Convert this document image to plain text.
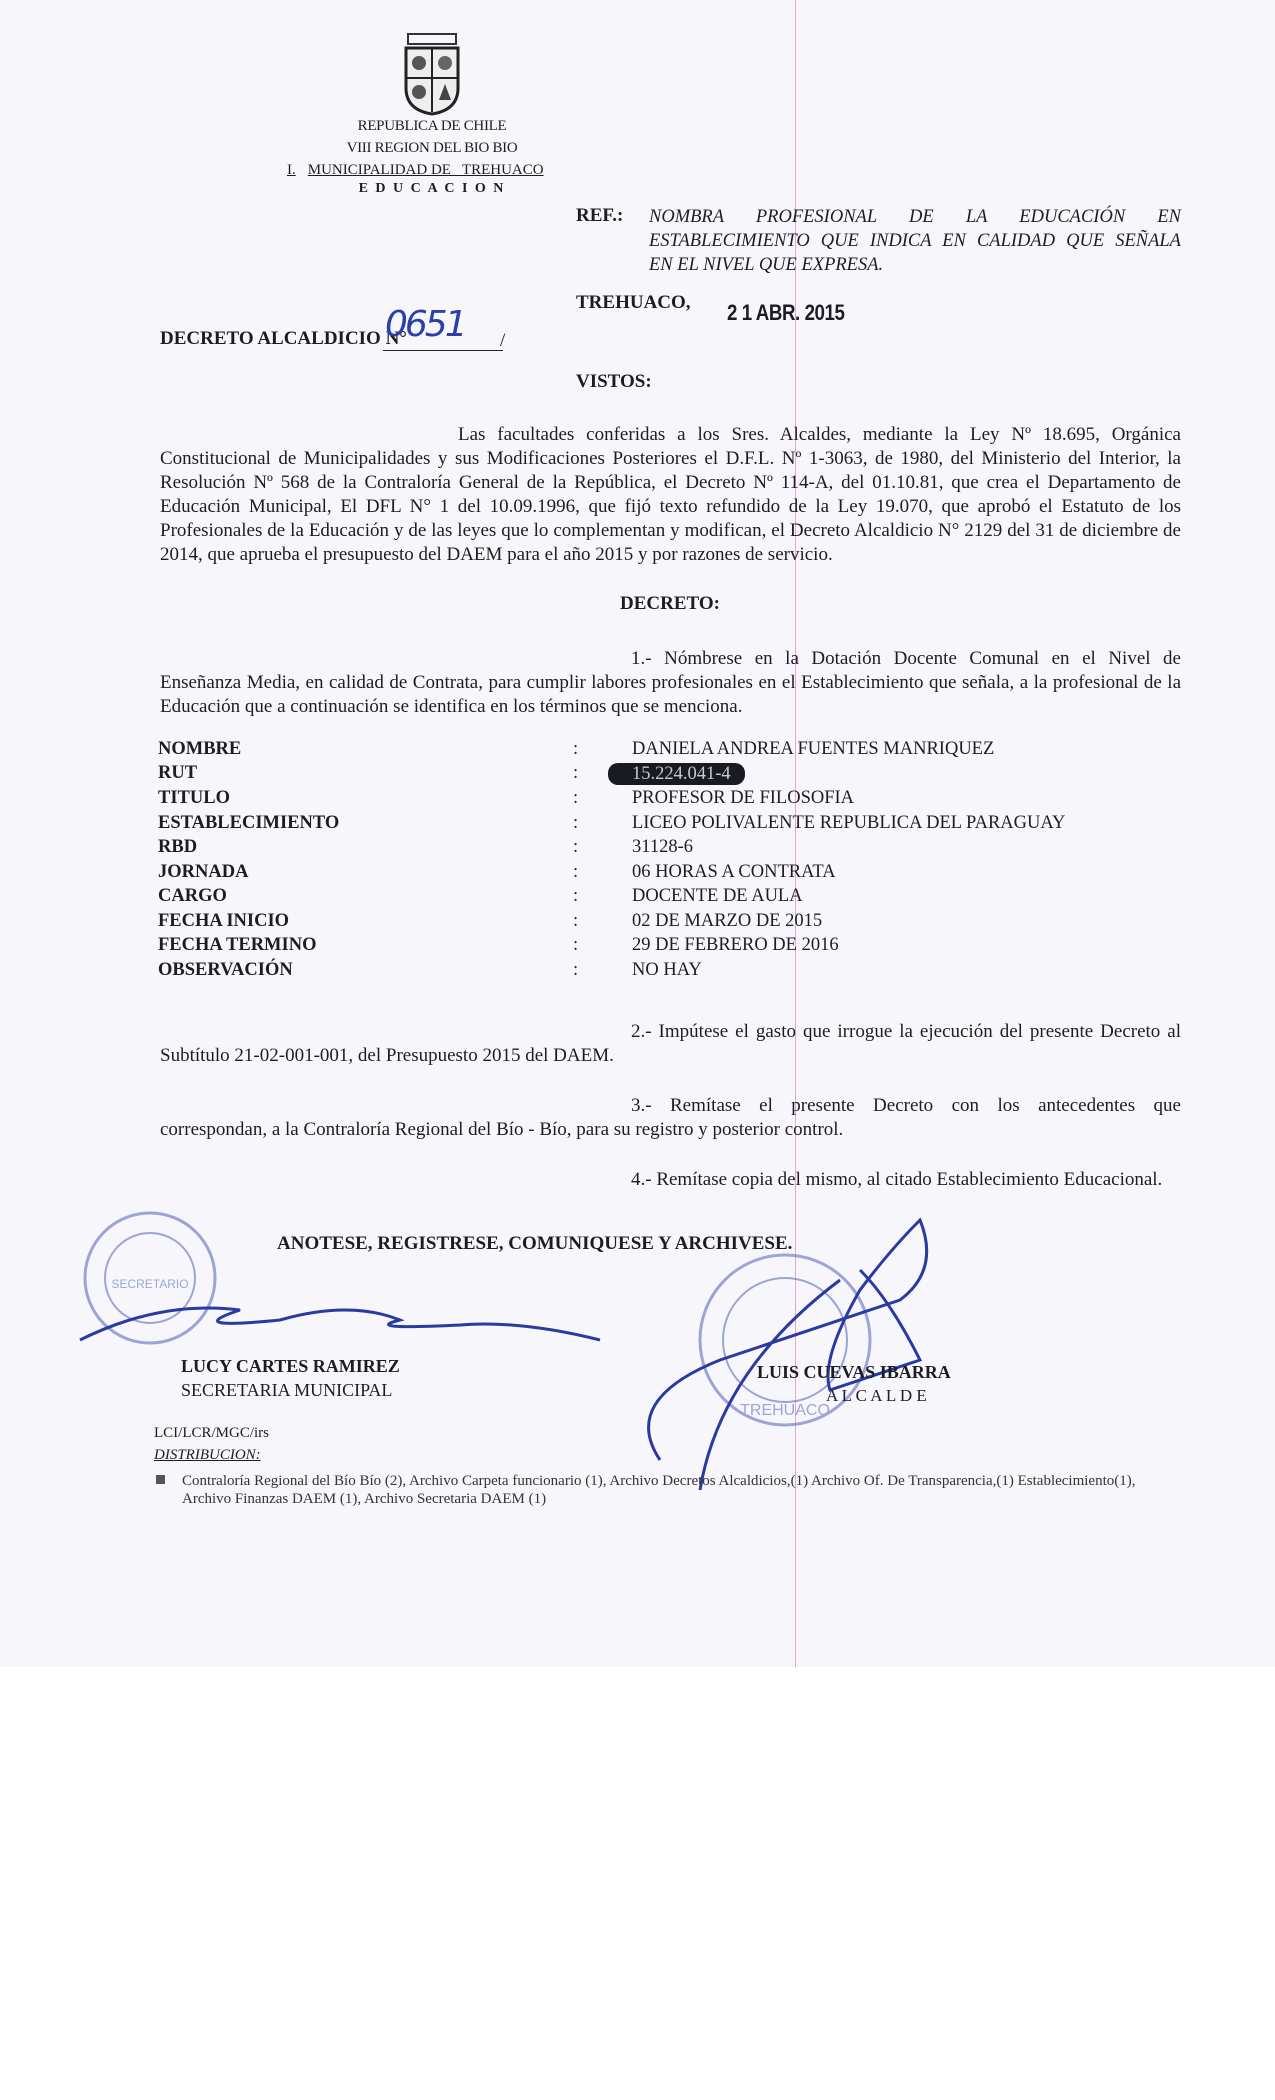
REPUBLICA DE CHILE
VIII REGION DEL BIO BIO
I. MUNICIPALIDAD DE   TREHUACO
E D U C A C I O N
REF.: NOMBRA PROFESIONAL DE LA EDUCACIÓN EN
ESTABLECIMIENTO QUE INDICA EN CALIDAD QUE SEÑALA
EN EL NIVEL QUE EXPRESA.
TREHUACO, 2 1 ABR. 2015
DECRETO ALCALDICIO N°
0651 /
VISTOS:
Las facultades conferidas a los Sres. Alcaldes, mediante la Ley Nº 18.695, Orgánica Constitucional de Municipalidades y sus Modificaciones Posteriores el D.F.L. Nº 1-3063, de 1980, del Ministerio del Interior, la Resolución Nº 568 de la Contraloría General de la República, el Decreto Nº 114-A, del 01.10.81, que crea el Departamento de Educación Municipal, El DFL N° 1 del 10.09.1996, que fijó texto refundido de la Ley 19.070, que aprobó el Estatuto de los Profesionales de la Educación y de las leyes que lo complementan y modifican, el Decreto Alcaldicio N° 2129 del 31 de diciembre de 2014, que aprueba el presupuesto del DAEM para el año 2015 y por razones de servicio.
DECRETO:
1.- Nómbrese en la Dotación Docente Comunal en el Nivel de Enseñanza Media, en calidad de Contrata, para cumplir labores profesionales en el Establecimiento que señala, a la profesional de la Educación que a continuación se identifica en los términos que se menciona.
NOMBRE	:	DANIELA ANDREA FUENTES MANRIQUEZ
RUT	:	15.224.041-4
TITULO	:	PROFESOR DE FILOSOFIA
ESTABLECIMIENTO	:	LICEO POLIVALENTE REPUBLICA DEL PARAGUAY
RBD	:	31128-6
JORNADA	:	06 HORAS A CONTRATA
CARGO	:	DOCENTE DE AULA
FECHA INICIO	:	02 DE MARZO DE 2015
FECHA TERMINO	:	29 DE FEBRERO DE 2016
OBSERVACIÓN	:	NO HAY
2.- Impútese el gasto que irrogue la ejecución del presente Decreto al Subtítulo 21-02-001-001, del Presupuesto 2015 del DAEM.
3.- Remítase el presente Decreto con los antecedentes que correspondan, a la Contraloría Regional del Bío - Bío, para su registro y posterior control.
4.- Remítase copia del mismo, al citado Establecimiento Educacional.
ANOTESE, REGISTRESE, COMUNIQUESE Y ARCHIVESE.
SECRETARIO
TREHUACO
LUCY CARTES RAMIREZ
SECRETARIA MUNICIPAL
LUIS CUEVAS IBARRA
A L C A L D E
LCI/LCR/MGC/irs
DISTRIBUCION:
Contraloría Regional del Bío Bío (2), Archivo Carpeta funcionario (1), Archivo Decretos Alcaldicios,(1) Archivo Of. De Transparencia,(1) Establecimiento(1), Archivo Finanzas DAEM (1), Archivo Secretaria DAEM (1)
